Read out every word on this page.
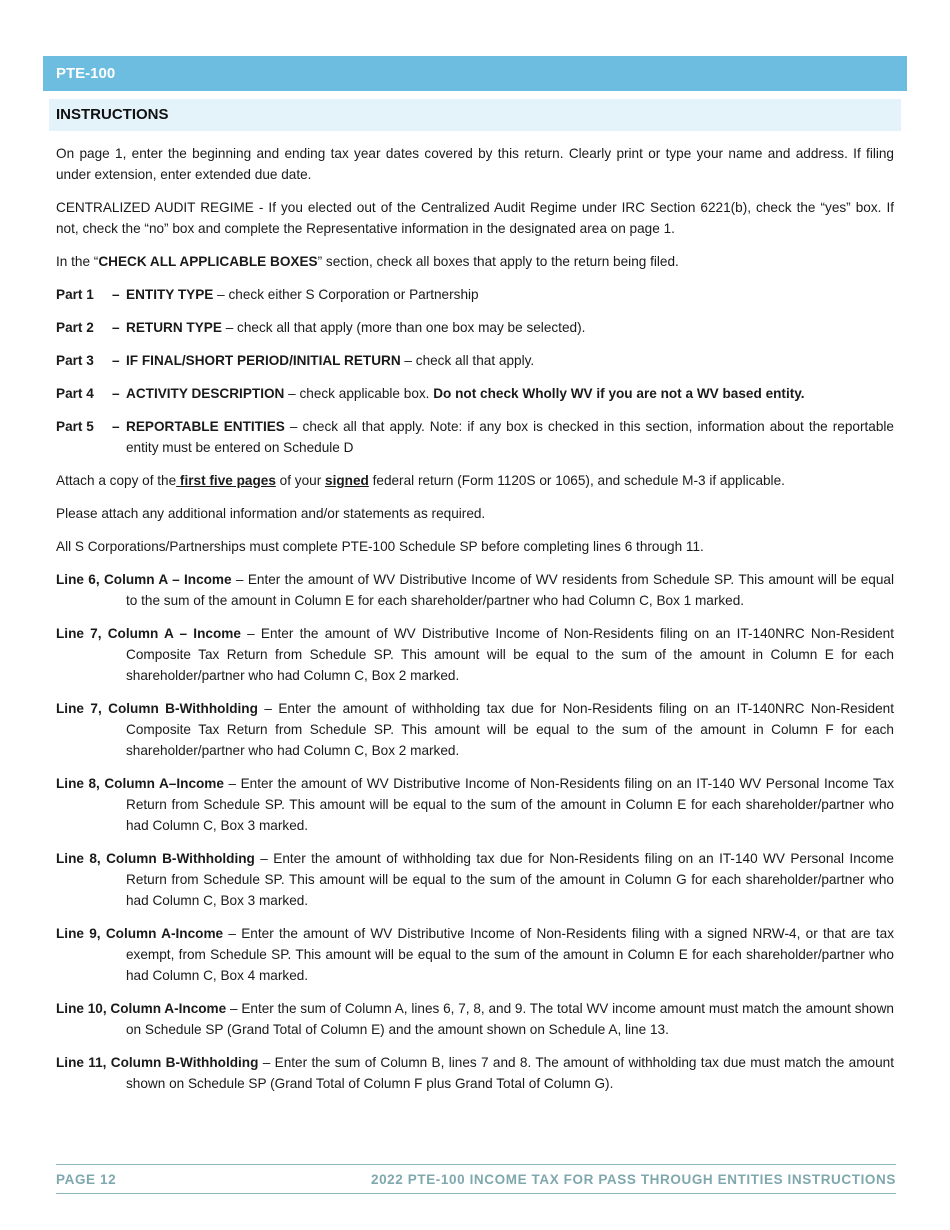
PTE-100
INSTRUCTIONS

On page 1, enter the beginning and ending tax year dates covered by this return. Clearly print or type your name and address. If filing under extension, enter extended due date.

CENTRALIZED AUDIT REGIME - If you elected out of the Centralized Audit Regime under IRC Section 6221(b), check the “yes” box. If not, check the “no” box and complete the Representative information in the designated area on page 1.

In the “CHECK ALL APPLICABLE BOXES” section, check all boxes that apply to the return being filed.

Part 1	– ENTITY TYPE – check either S Corporation or Partnership
Part 2	– RETURN TYPE – check all that apply (more than one box may be selected).
Part 3	– IF FINAL/SHORT PERIOD/INITIAL RETURN – check all that apply.
Part 4	– ACTIVITY DESCRIPTION – check applicable box. Do not check Wholly WV if you are not a WV based entity.
Part 5	– REPORTABLE ENTITIES – check all that apply. Note: if any box is checked in this section, information about the reportable entity must be entered on Schedule D

Attach a copy of the first five pages of your signed federal return (Form 1120S or 1065), and schedule M-3 if applicable.

Please attach any additional information and/or statements as required.

All S Corporations/Partnerships must complete PTE-100 Schedule SP before completing lines 6 through 11.

Line 6, Column A – Income – Enter the amount of WV Distributive Income of WV residents from Schedule SP. This amount will be equal to the sum of the amount in Column E for each shareholder/partner who had Column C, Box 1 marked.

Line 7, Column A – Income – Enter the amount of WV Distributive Income of Non-Residents filing on an IT-140NRC Non-Resident Composite Tax Return from Schedule SP. This amount will be equal to the sum of the amount in Column E for each shareholder/partner who had Column C, Box 2 marked.

Line 7, Column B-Withholding – Enter the amount of withholding tax due for Non-Residents filing on an IT-140NRC Non-Resident Composite Tax Return from Schedule SP. This amount will be equal to the sum of the amount in Column F for each shareholder/partner who had Column C, Box 2 marked.

Line 8, Column A–Income – Enter the amount of WV Distributive Income of Non-Residents filing on an IT-140 WV Personal Income Tax Return from Schedule SP. This amount will be equal to the sum of the amount in Column E for each shareholder/partner who had Column C, Box 3 marked.

Line 8, Column B-Withholding – Enter the amount of withholding tax due for Non-Residents filing on an IT-140 WV Personal Income Return from Schedule SP. This amount will be equal to the sum of the amount in Column G for each shareholder/partner who had Column C, Box 3 marked.

Line 9, Column A-Income – Enter the amount of WV Distributive Income of Non-Residents filing with a signed NRW-4, or that are tax exempt, from Schedule SP. This amount will be equal to the sum of the amount in Column E for each shareholder/partner who had Column C, Box 4 marked.

Line 10, Column A-Income – Enter the sum of Column A, lines 6, 7, 8, and 9. The total WV income amount must match the amount shown on Schedule SP (Grand Total of Column E) and the amount shown on Schedule A, line 13.

Line 11, Column B-Withholding – Enter the sum of Column B, lines 7 and 8. The amount of withholding tax due must match the amount shown on Schedule SP (Grand Total of Column F plus Grand Total of Column G).

PAGE 12	2022 PTE-100 INCOME TAX FOR PASS THROUGH ENTITIES INSTRUCTIONS
